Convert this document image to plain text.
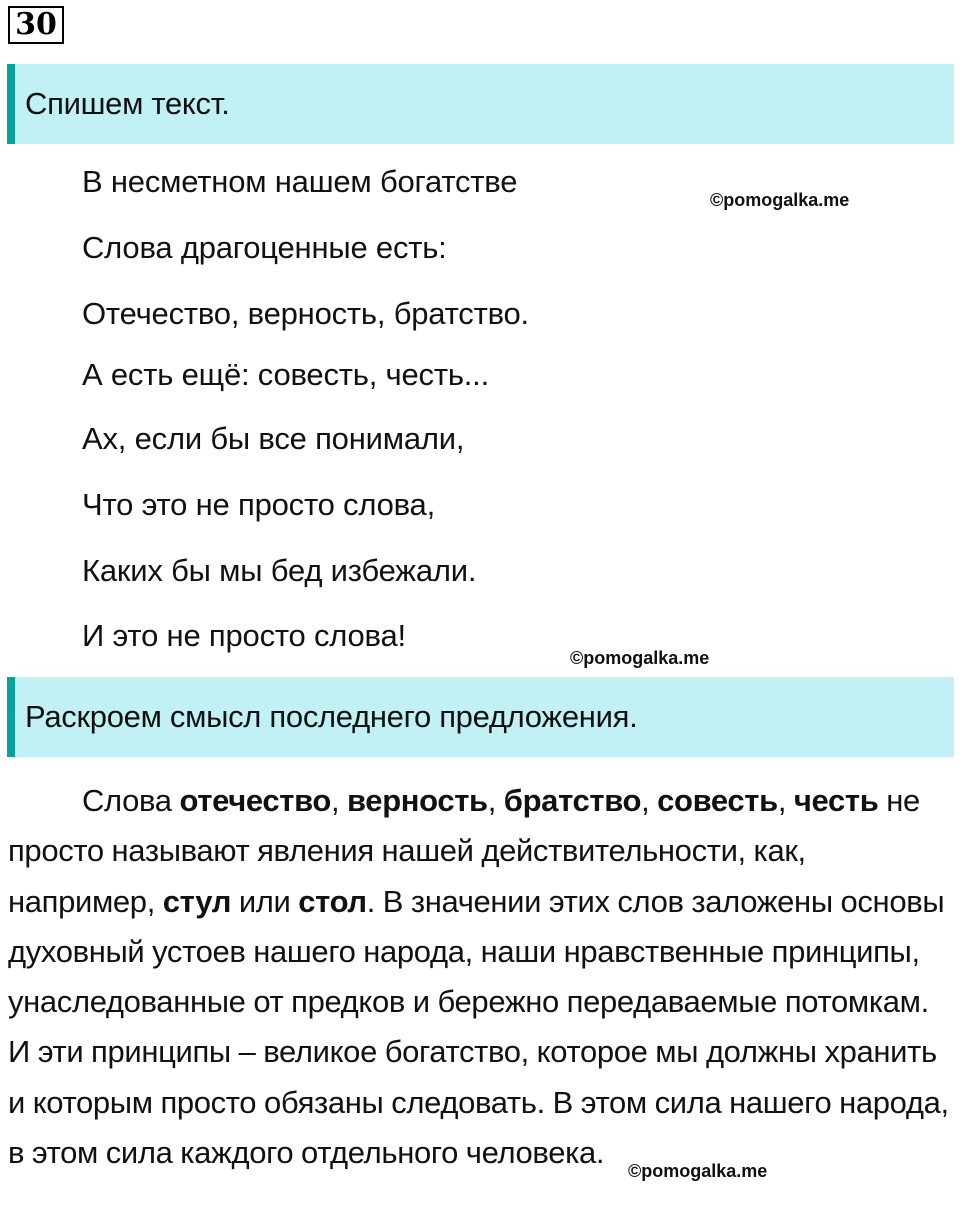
30
Спишем текст.
В несметном нашем богатстве
Слова драгоценные есть:
Отечество, верность, братство.
А есть ещё: совесть, честь...
Ах, если бы все понимали,
Что это не просто слова,
Каких бы мы бед избежали.
И это не просто слова!
©pomogalka.me
©pomogalka.me
©pomogalka.me
Раскроем смысл последнего предложения.

Слова отечество, верность, братство, совесть, честь не просто называют явления нашей действительности, как, например, стул или стол. В значении этих слов заложены основы духовный устоев нашего народа, наши нравственные принципы, унаследованные от предков и бережно передаваемые потомкам. И эти принципы – великое богатство, которое мы должны хранить и которым просто обязаны следовать. В этом сила нашего народа, в этом сила каждого отдельного человека.
